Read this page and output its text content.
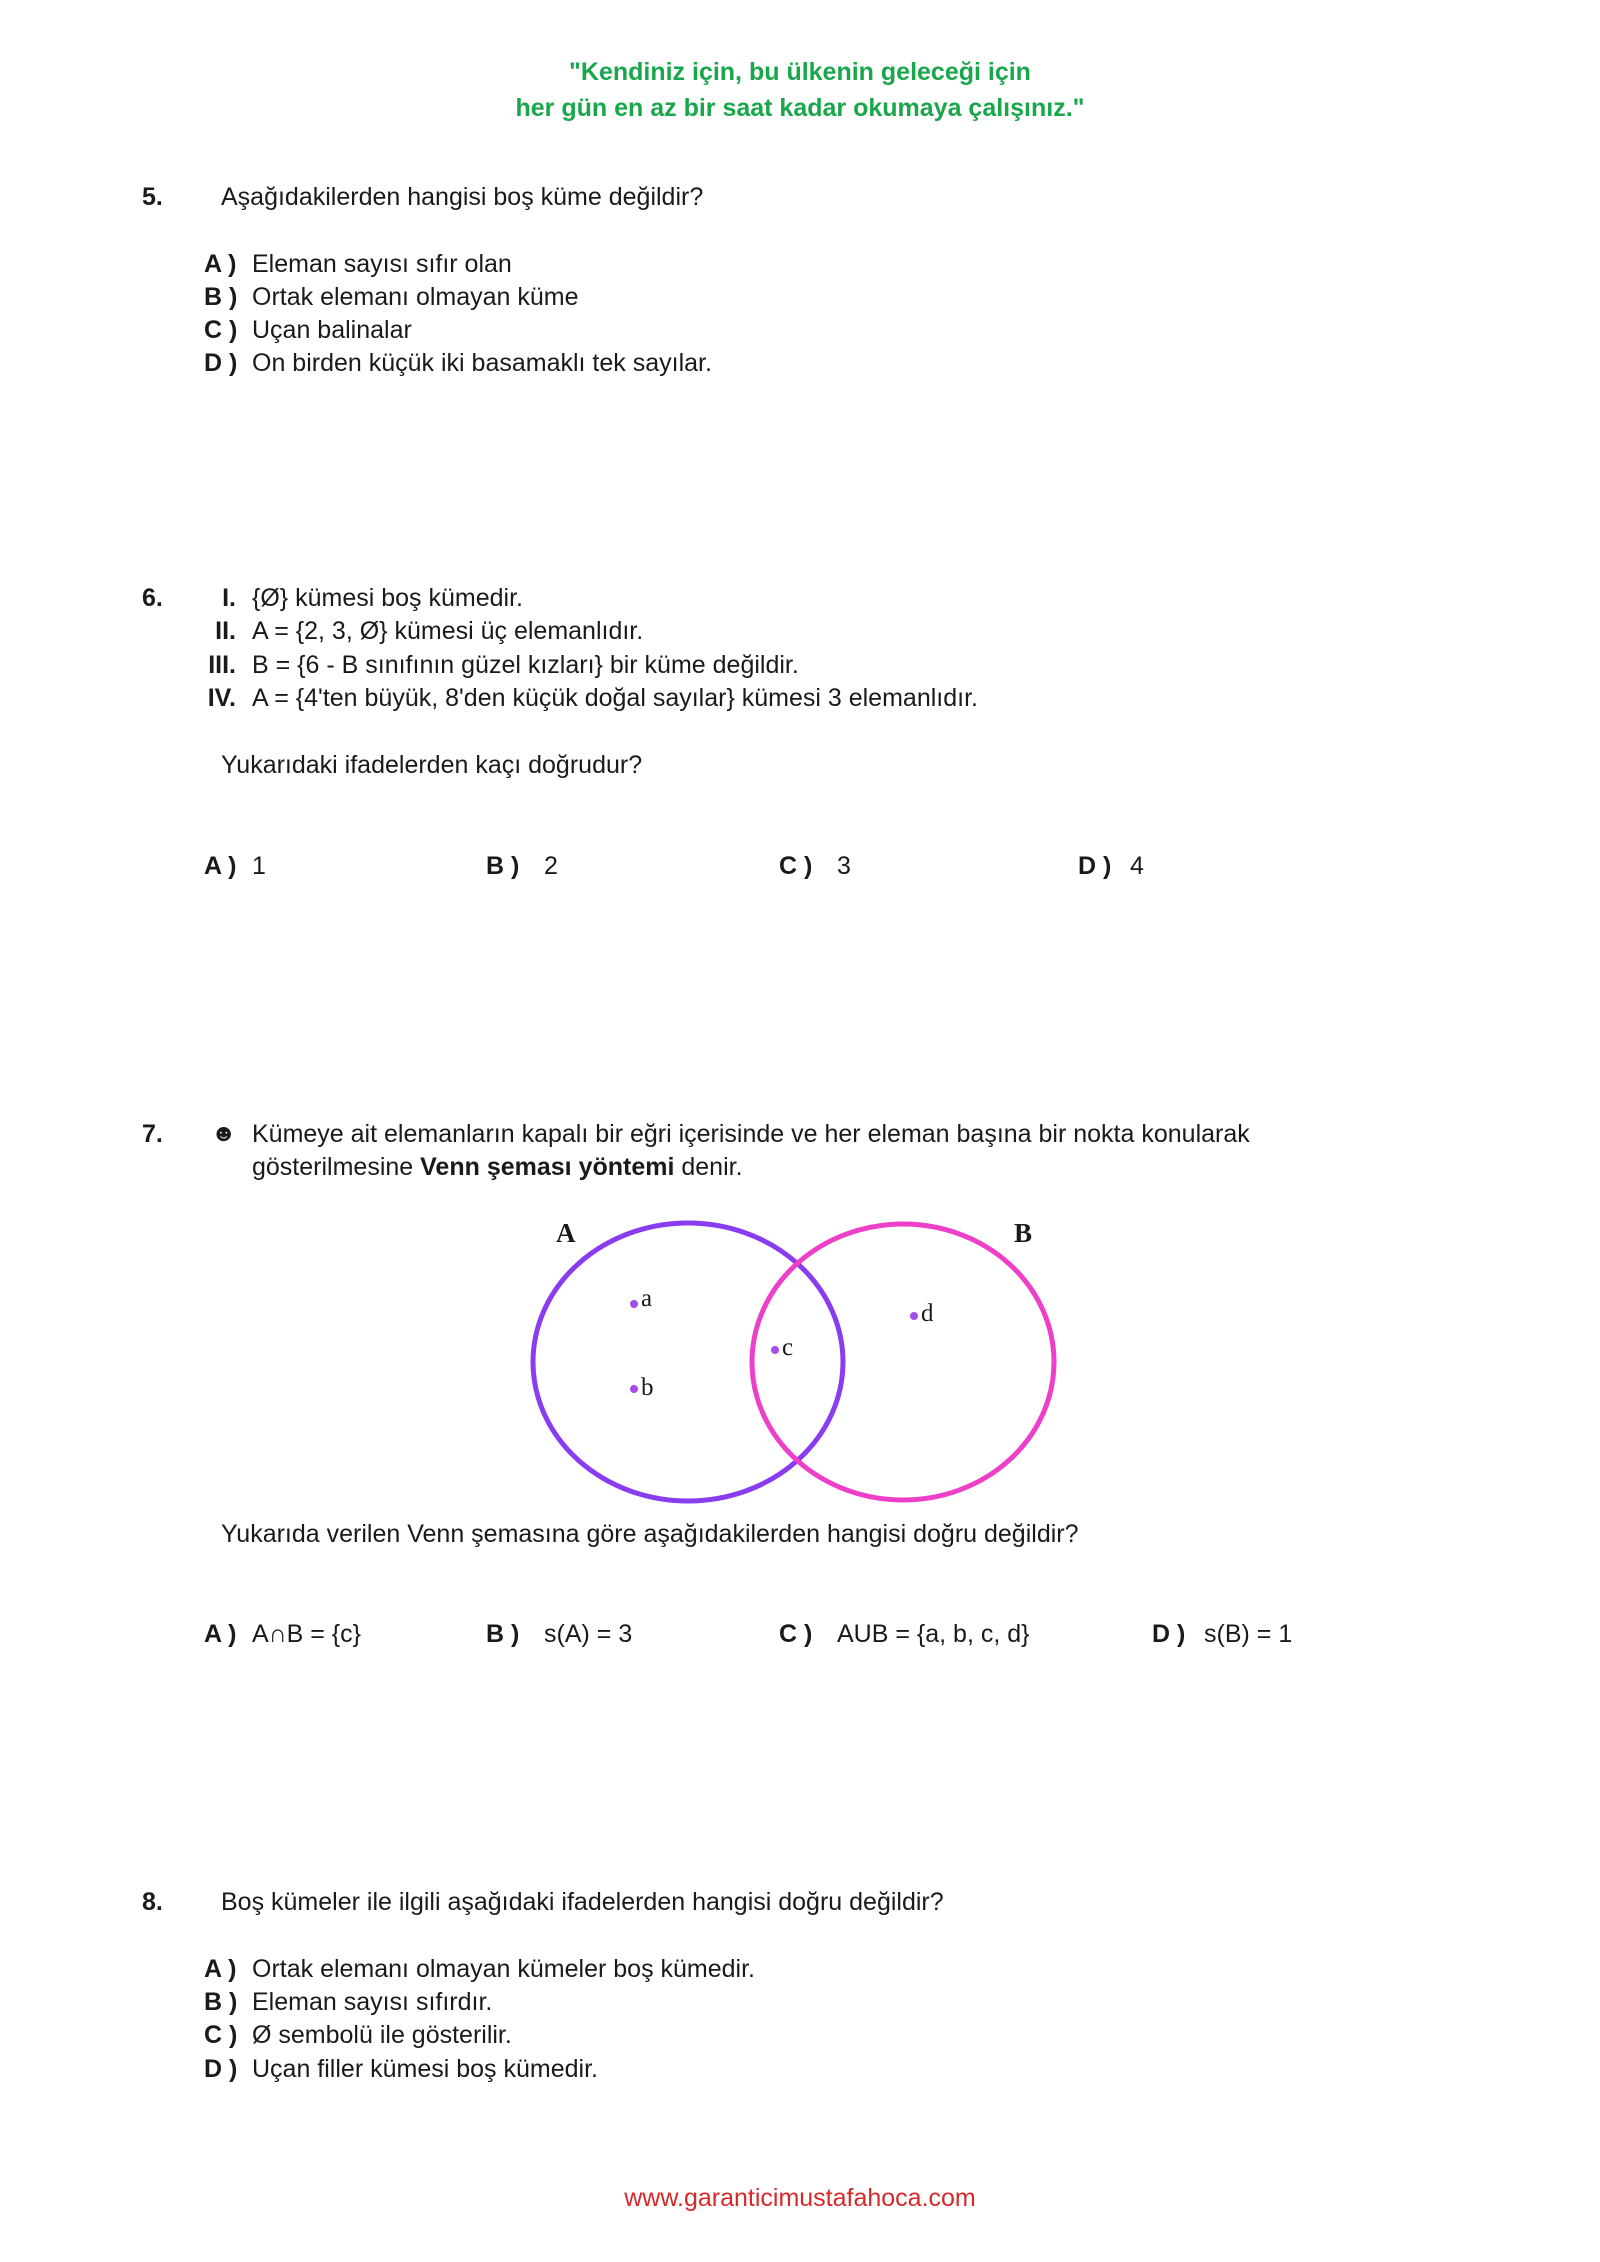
"Kendiniz için, bu ülkenin geleceği için
her gün en az bir saat kadar okumaya çalışınız."
5. Aşağıdakilerden hangisi boş küme değildir?
A ) Eleman sayısı sıfır olan
B ) Ortak elemanı olmayan küme
C ) Uçan balinalar
D ) On birden küçük iki basamaklı tek sayılar.
6.	I. {Ø} kümesi boş kümedir.
II. A = {2, 3, Ø} kümesi üç elemanlıdır.
III. B = {6 - B sınıfının güzel kızları} bir küme değildir.
IV. A = {4'ten büyük, 8'den küçük doğal sayılar} kümesi 3 elemanlıdır.
Yukarıdaki ifadelerden kaçı doğrudur?
A ) 1	B ) 2	C ) 3	D ) 4
7. ☻ Kümeye ait elemanların kapalı bir eğri içerisinde ve her eleman başına bir nokta konularak
gösterilmesine Venn şeması yöntemi denir.
A	B
a
b
c
d
Yukarıda verilen Venn şemasına göre aşağıdakilerden hangisi doğru değildir?
A ) A∩B = {c}	B ) s(A) = 3	C ) AUB = {a, b, c, d}	D ) s(B) = 1
8. Boş kümeler ile ilgili aşağıdaki ifadelerden hangisi doğru değildir?
A ) Ortak elemanı olmayan kümeler boş kümedir.
B ) Eleman sayısı sıfırdır.
C ) Ø sembolü ile gösterilir.
D ) Uçan filler kümesi boş kümedir.
www.garanticimustafahoca.com
